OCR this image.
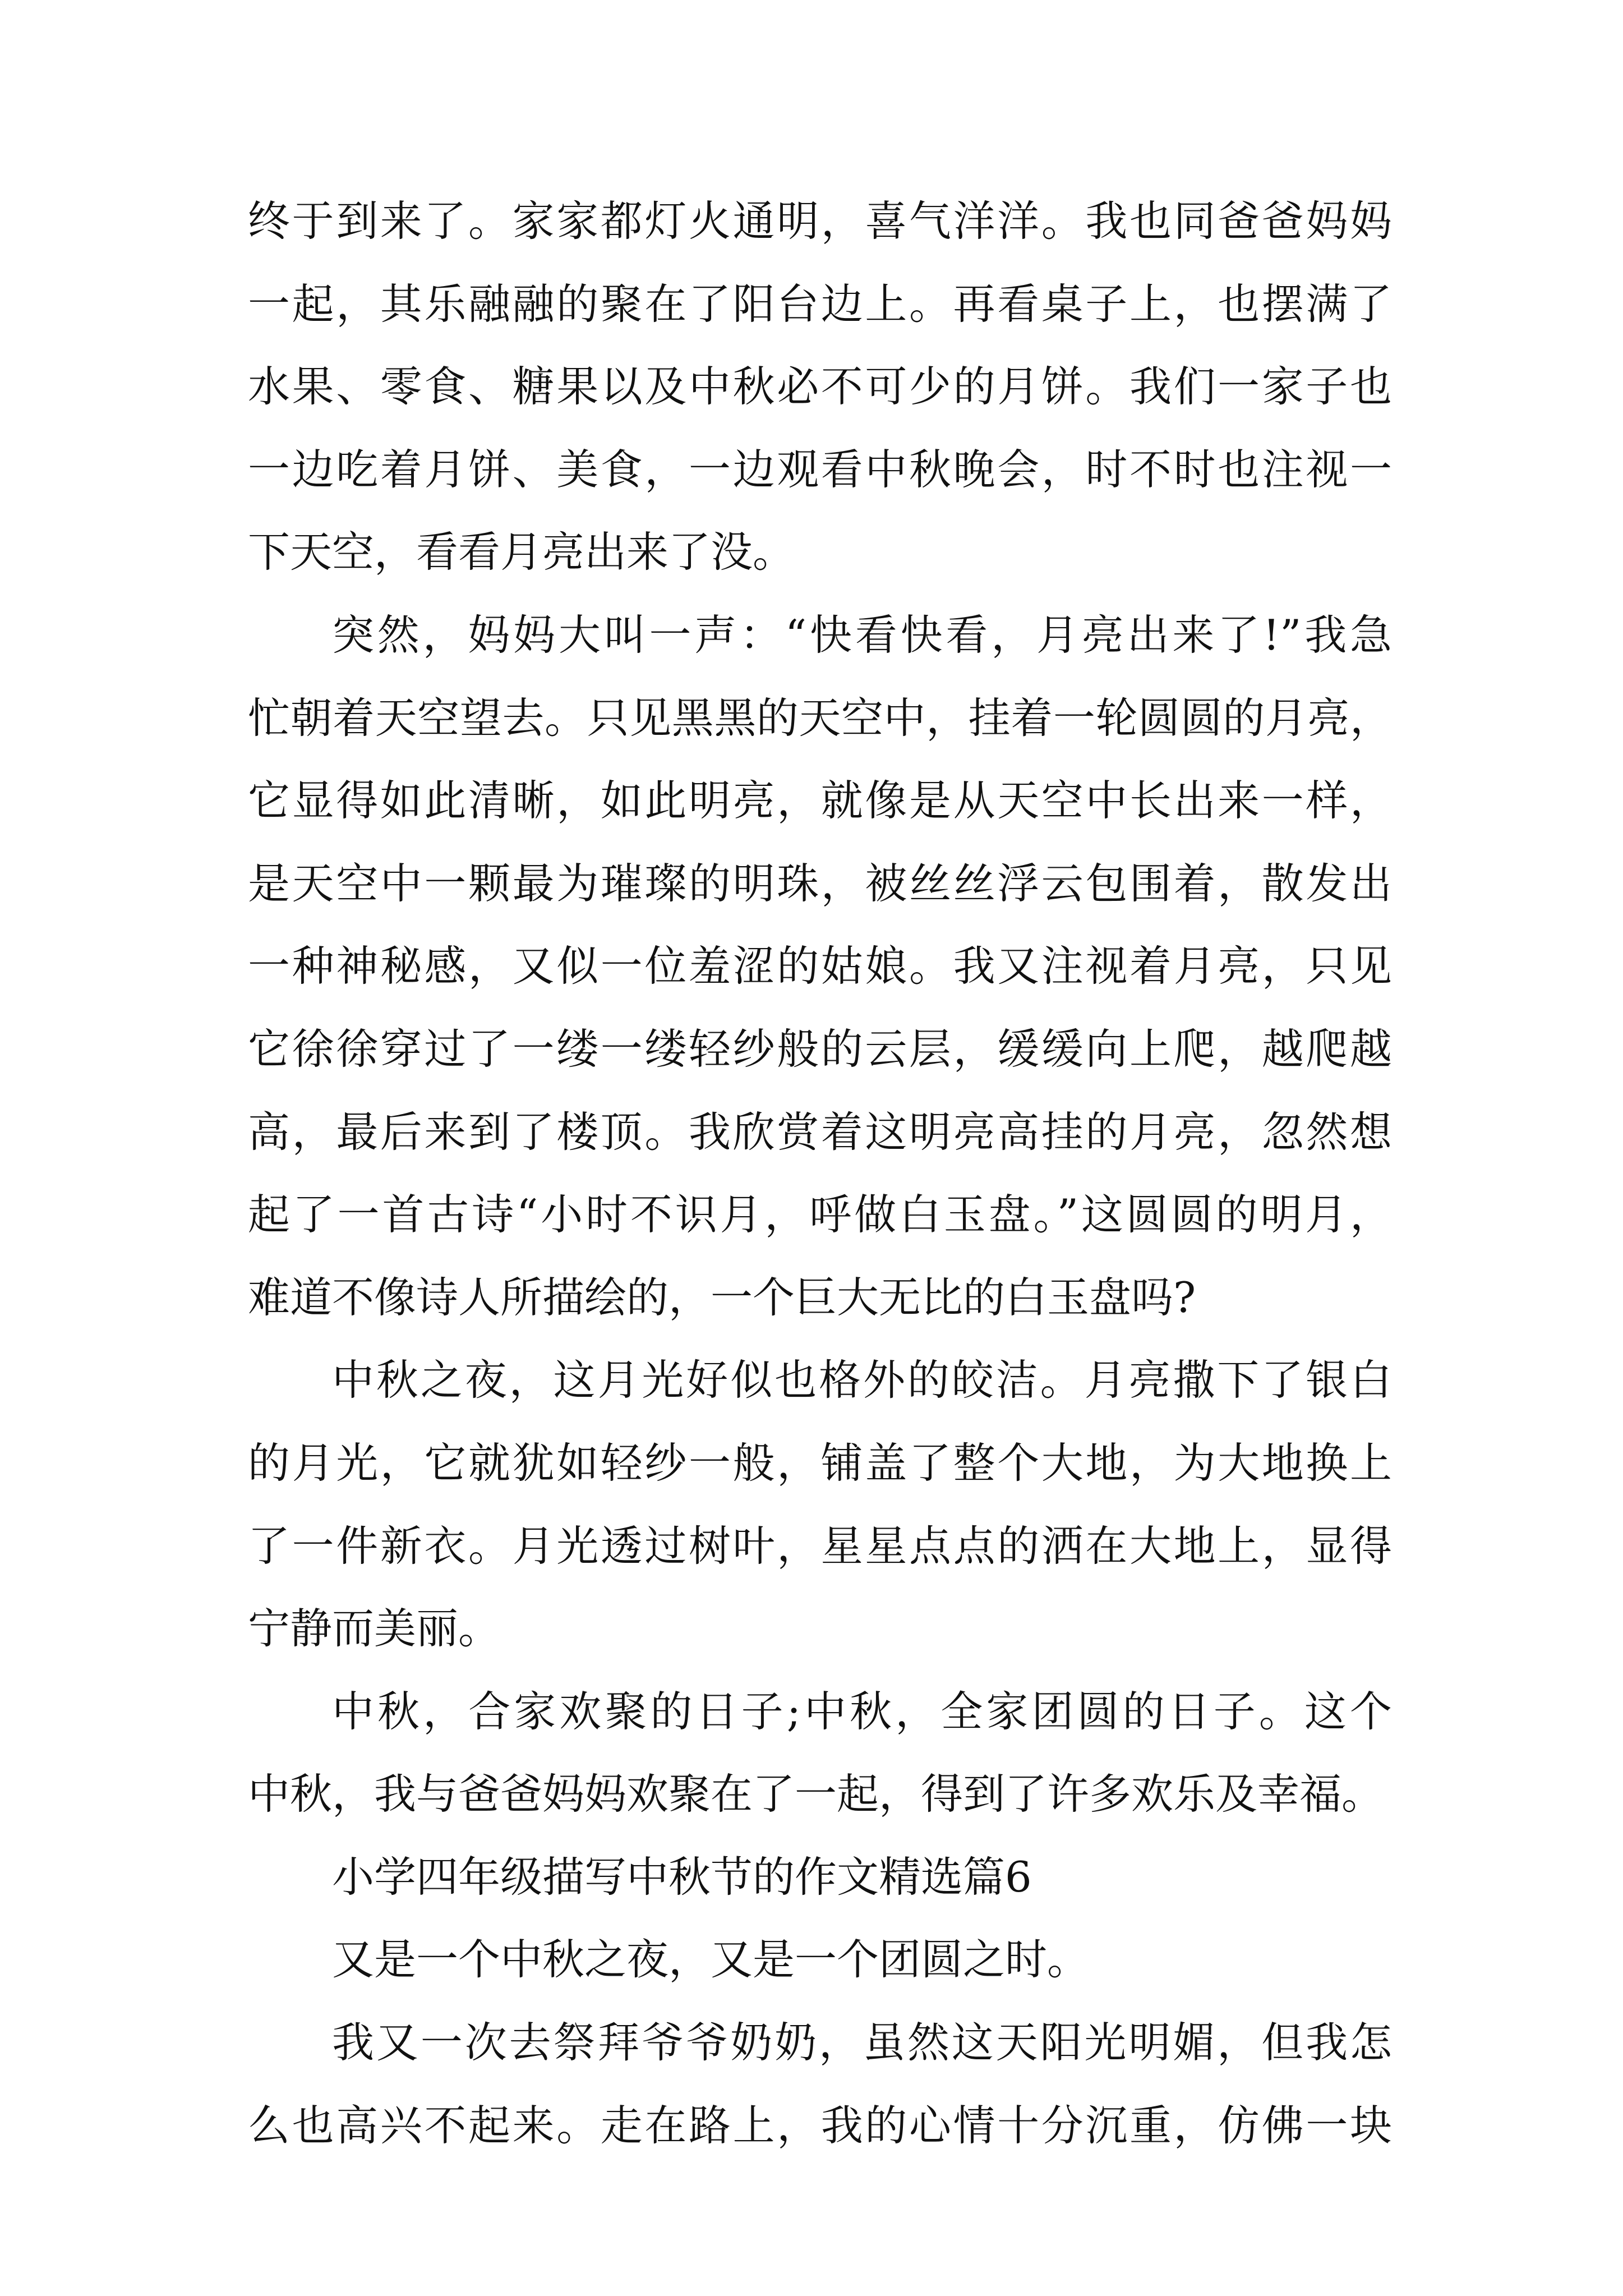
终于到来了。家家都灯火通明，喜气洋洋。我也同爸爸妈妈
一起，其乐融融的聚在了阳台边上。再看桌子上，也摆满了
水果、零食、糖果以及中秋必不可少的月饼。我们一家子也
一边吃着月饼、美食，一边观看中秋晚会，时不时也注视一
下天空，看看月亮出来了没。
突然，妈妈大叫一声：“快看快看，月亮出来了!”我急
忙朝着天空望去。只见黑黑的天空中，挂着一轮圆圆的月亮，
它显得如此清晰，如此明亮，就像是从天空中长出来一样，
是天空中一颗最为璀璨的明珠，被丝丝浮云包围着，散发出
一种神秘感，又似一位羞涩的姑娘。我又注视着月亮，只见
它徐徐穿过了一缕一缕轻纱般的云层，缓缓向上爬，越爬越
高，最后来到了楼顶。我欣赏着这明亮高挂的月亮，忽然想
起了一首古诗“小时不识月，呼做白玉盘。”这圆圆的明月，
难道不像诗人所描绘的，一个巨大无比的白玉盘吗?
中秋之夜，这月光好似也格外的皎洁。月亮撒下了银白
的月光，它就犹如轻纱一般，铺盖了整个大地，为大地换上
了一件新衣。月光透过树叶，星星点点的洒在大地上，显得
宁静而美丽。
中秋，合家欢聚的日子;中秋，全家团圆的日子。这个
中秋，我与爸爸妈妈欢聚在了一起，得到了许多欢乐及幸福。
小学四年级描写中秋节的作文精选篇6
又是一个中秋之夜，又是一个团圆之时。
我又一次去祭拜爷爷奶奶，虽然这天阳光明媚，但我怎
么也高兴不起来。走在路上，我的心情十分沉重，仿佛一块
